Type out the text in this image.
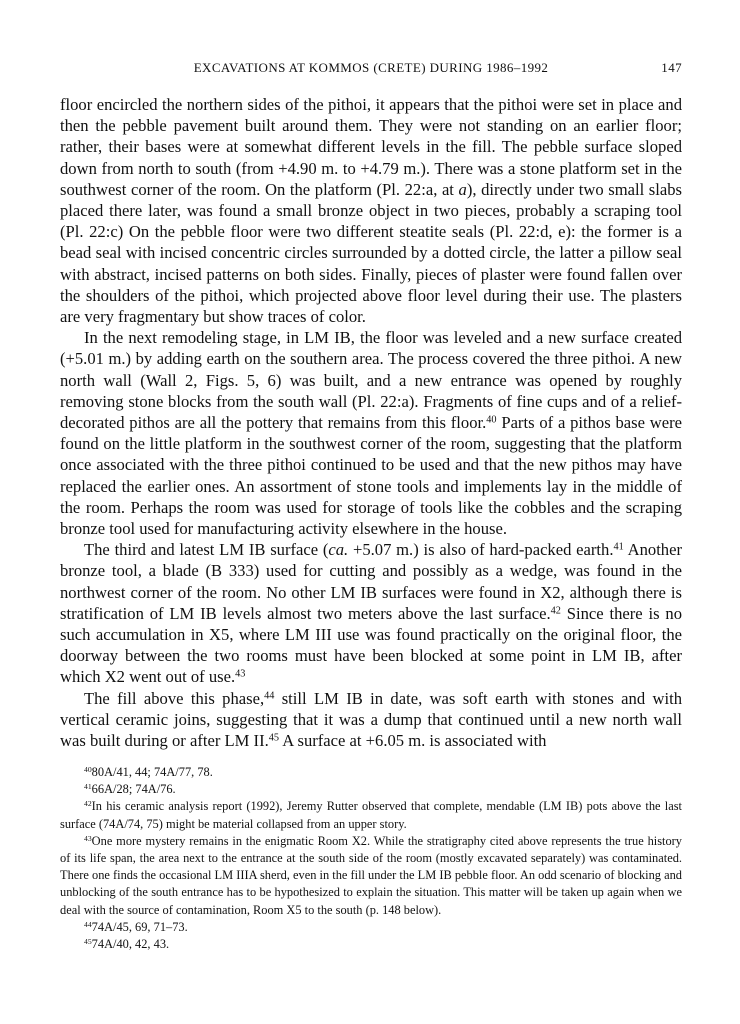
EXCAVATIONS AT KOMMOS (CRETE) DURING 1986–1992	147

floor encircled the northern sides of the pithoi, it appears that the pithoi were set in place and then the pebble pavement built around them. They were not standing on an earlier floor; rather, their bases were at somewhat different levels in the fill. The pebble surface sloped down from north to south (from +4.90 m. to +4.79 m.). There was a stone platform set in the southwest corner of the room. On the platform (Pl. 22:a, at a), directly under two small slabs placed there later, was found a small bronze object in two pieces, probably a scraping tool (Pl. 22:c) On the pebble floor were two different steatite seals (Pl. 22:d, e): the former is a bead seal with incised concentric circles surrounded by a dotted circle, the latter a pillow seal with abstract, incised patterns on both sides. Finally, pieces of plaster were found fallen over the shoulders of the pithoi, which projected above floor level during their use. The plasters are very fragmentary but show traces of color.

In the next remodeling stage, in LM IB, the floor was leveled and a new surface created (+5.01 m.) by adding earth on the southern area. The process covered the three pithoi. A new north wall (Wall 2, Figs. 5, 6) was built, and a new entrance was opened by roughly removing stone blocks from the south wall (Pl. 22:a). Fragments of fine cups and of a relief-decorated pithos are all the pottery that remains from this floor.$^{40}$ Parts of a pithos base were found on the little platform in the southwest corner of the room, suggesting that the platform once associated with the three pithoi continued to be used and that the new pithos may have replaced the earlier ones. An assortment of stone tools and implements lay in the middle of the room. Perhaps the room was used for storage of tools like the cobbles and the scraping bronze tool used for manufacturing activity elsewhere in the house.

The third and latest LM IB surface (ca. +5.07 m.) is also of hard-packed earth.$^{41}$ Another bronze tool, a blade (B 333) used for cutting and possibly as a wedge, was found in the northwest corner of the room. No other LM IB surfaces were found in X2, although there is stratification of LM IB levels almost two meters above the last surface.$^{42}$ Since there is no such accumulation in X5, where LM III use was found practically on the original floor, the doorway between the two rooms must have been blocked at some point in LM IB, after which X2 went out of use.$^{43}$

The fill above this phase,$^{44}$ still LM IB in date, was soft earth with stones and with vertical ceramic joins, suggesting that it was a dump that continued until a new north wall was built during or after LM II.$^{45}$ A surface at +6.05 m. is associated with

$^{40}$80A/41, 44; 74A/77, 78.

$^{41}$66A/28; 74A/76.

$^{42}$In his ceramic analysis report (1992), Jeremy Rutter observed that complete, mendable (LM IB) pots above the last surface (74A/74, 75) might be material collapsed from an upper story.

$^{43}$One more mystery remains in the enigmatic Room X2. While the stratigraphy cited above represents the true history of its life span, the area next to the entrance at the south side of the room (mostly excavated separately) was contaminated. There one finds the occasional LM IIIA sherd, even in the fill under the LM IB pebble floor. An odd scenario of blocking and unblocking of the south entrance has to be hypothesized to explain the situation. This matter will be taken up again when we deal with the source of contamination, Room X5 to the south (p. 148 below).

$^{44}$74A/45, 69, 71–73.

$^{45}$74A/40, 42, 43.
